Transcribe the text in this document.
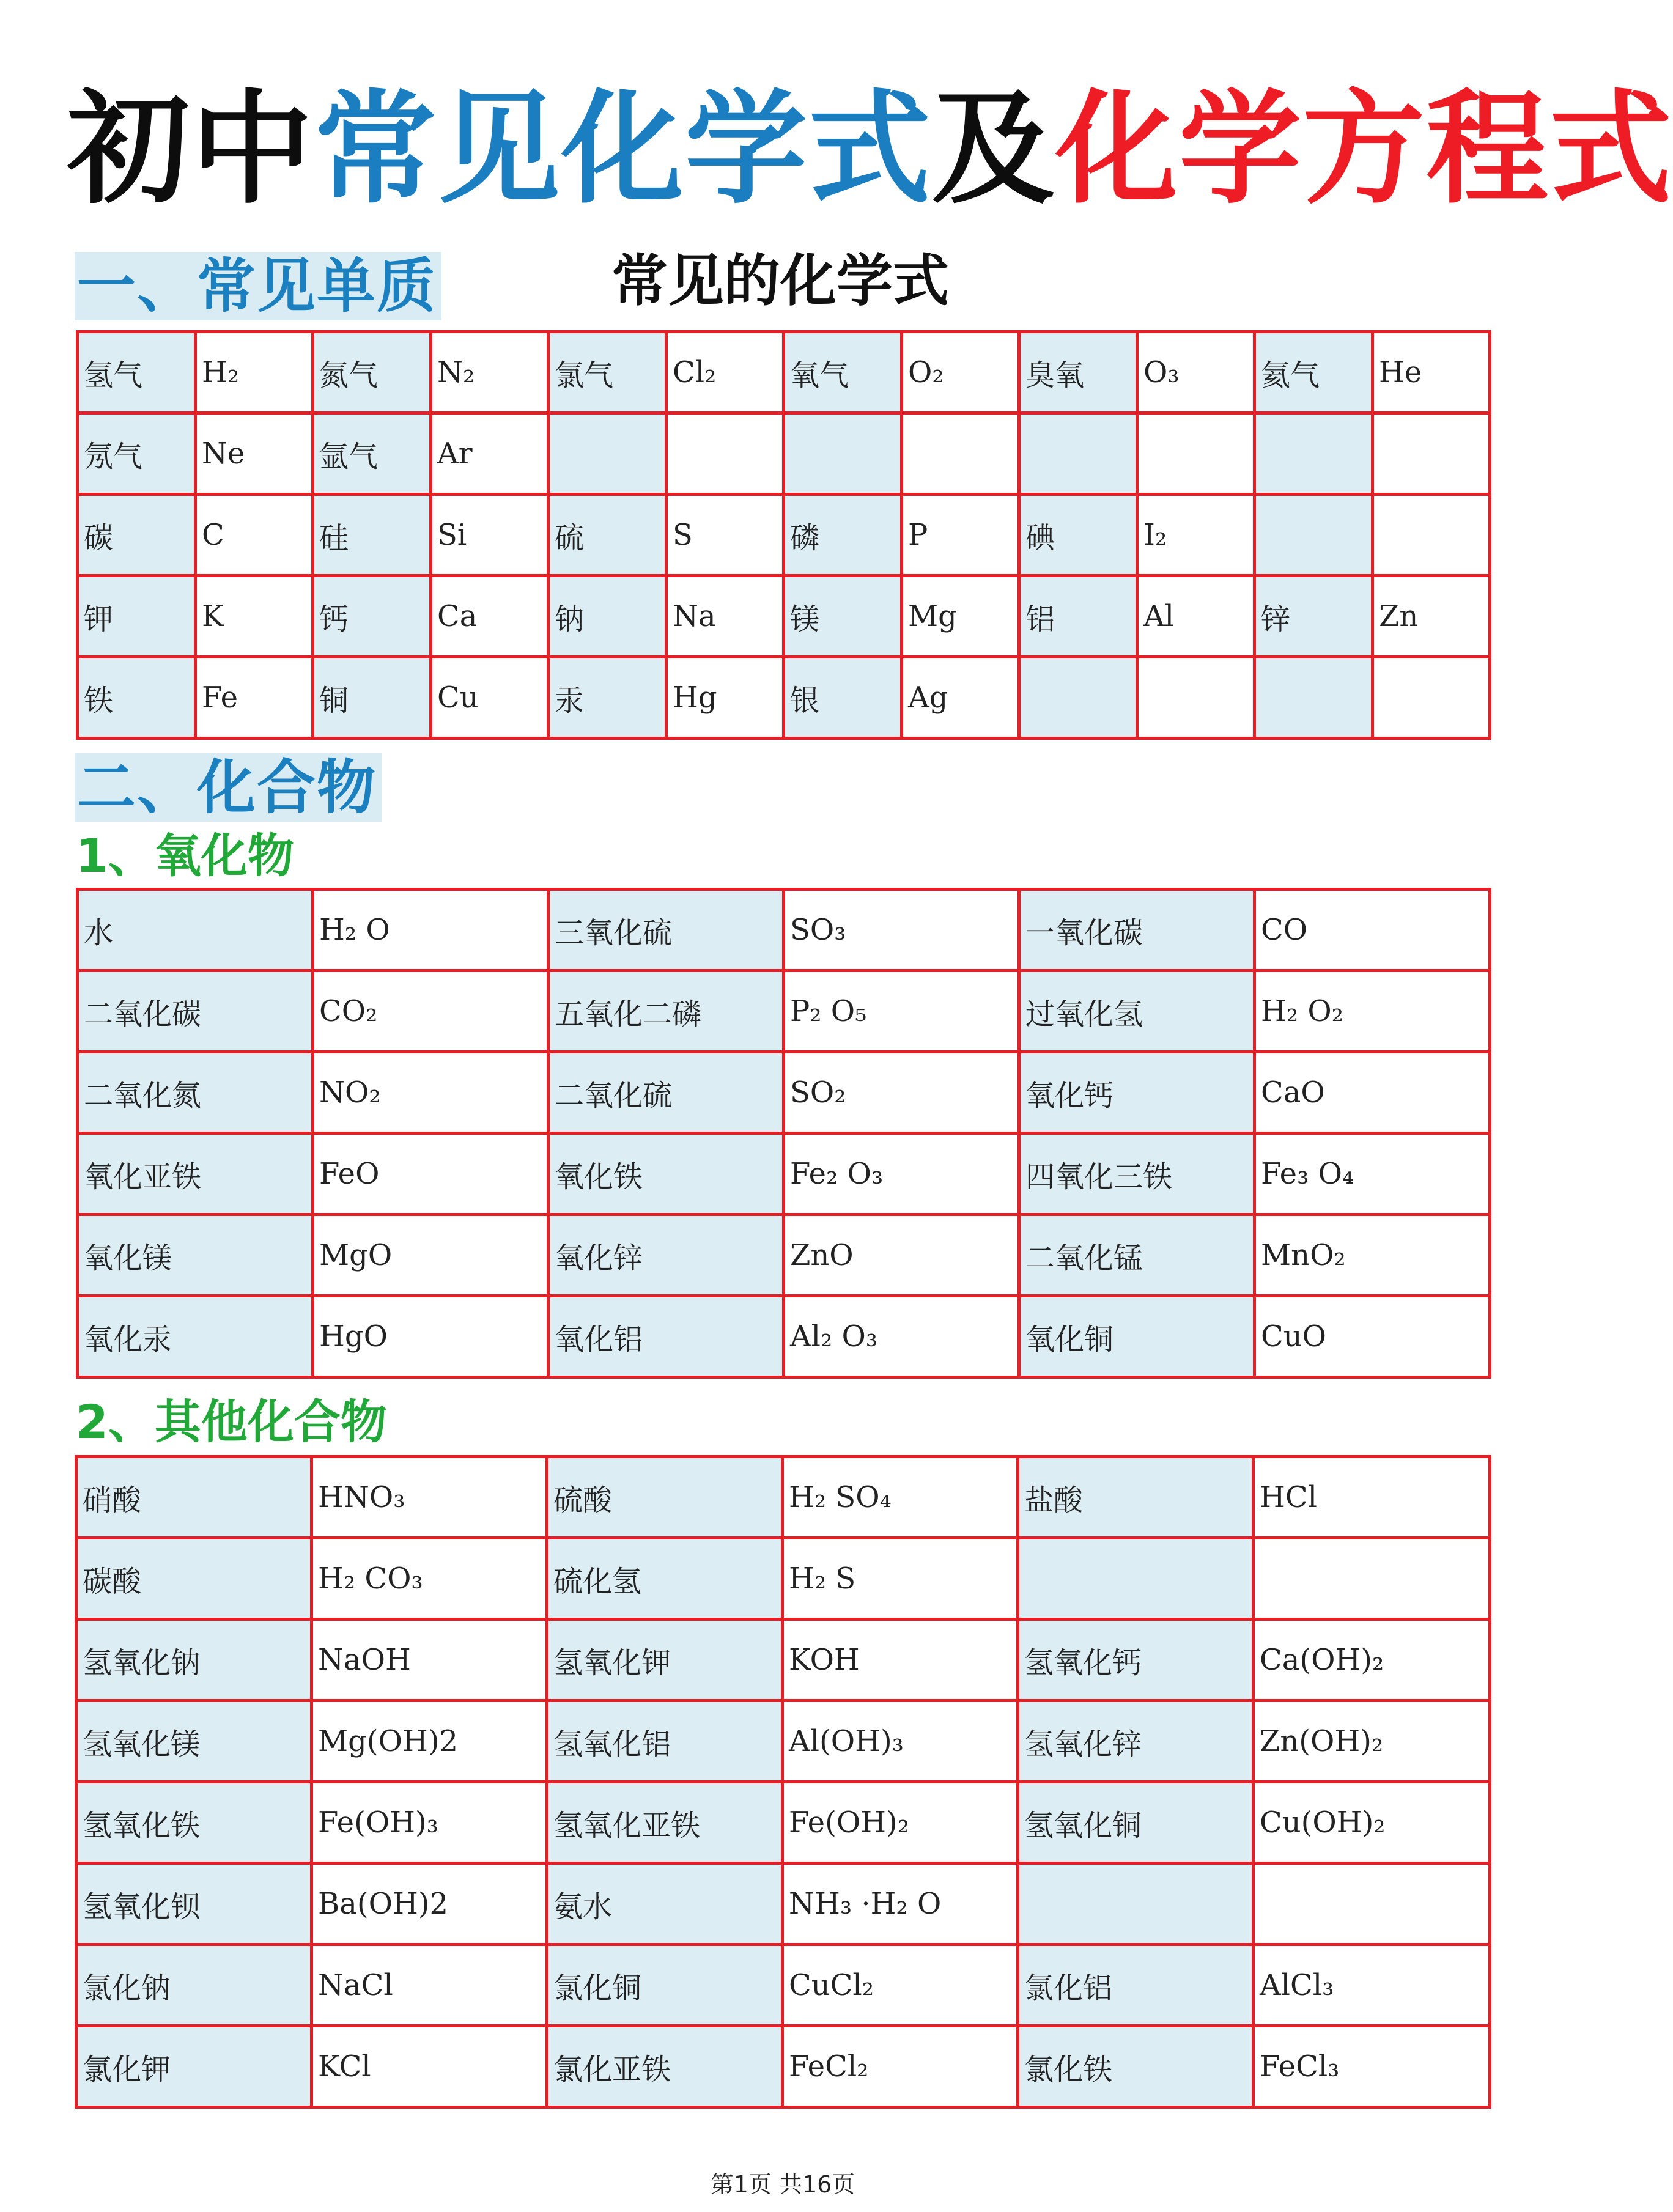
初中常见化学式及化学方程式
一、常见单质	常见的化学式
氢气	H₂	氮气	N₂	氯气	Cl₂	氧气	O₂	臭氧	O₃	氦气	He
氖气	Ne	氩气	Ar								
碳	C	硅	Si	硫	S	磷	P	碘	I₂		
钾	K	钙	Ca	钠	Na	镁	Mg	铝	Al	锌	Zn
铁	Fe	铜	Cu	汞	Hg	银	Ag				
二、化合物
1、氧化物
水	H₂ O	三氧化硫	SO₃	一氧化碳	CO
二氧化碳	CO₂	五氧化二磷	P₂ O₅	过氧化氢	H₂ O₂
二氧化氮	NO₂	二氧化硫	SO₂	氧化钙	CaO
氧化亚铁	FeO	氧化铁	Fe₂ O₃	四氧化三铁	Fe₃ O₄
氧化镁	MgO	氧化锌	ZnO	二氧化锰	MnO₂
氧化汞	HgO	氧化铝	Al₂ O₃	氧化铜	CuO
2、其他化合物
硝酸	HNO₃	硫酸	H₂ SO₄	盐酸	HCl
碳酸	H₂ CO₃	硫化氢	H₂ S		
氢氧化钠	NaOH	氢氧化钾	KOH	氢氧化钙	Ca(OH)₂
氢氧化镁	Mg(OH)2	氢氧化铝	Al(OH)₃	氢氧化锌	Zn(OH)₂
氢氧化铁	Fe(OH)₃	氢氧化亚铁	Fe(OH)₂	氢氧化铜	Cu(OH)₂
氢氧化钡	Ba(OH)2	氨水	NH₃ ·H₂ O		
氯化钠	NaCl	氯化铜	CuCl₂	氯化铝	AlCl₃
氯化钾	KCl	氯化亚铁	FeCl₂	氯化铁	FeCl₃

第1页 共16页
